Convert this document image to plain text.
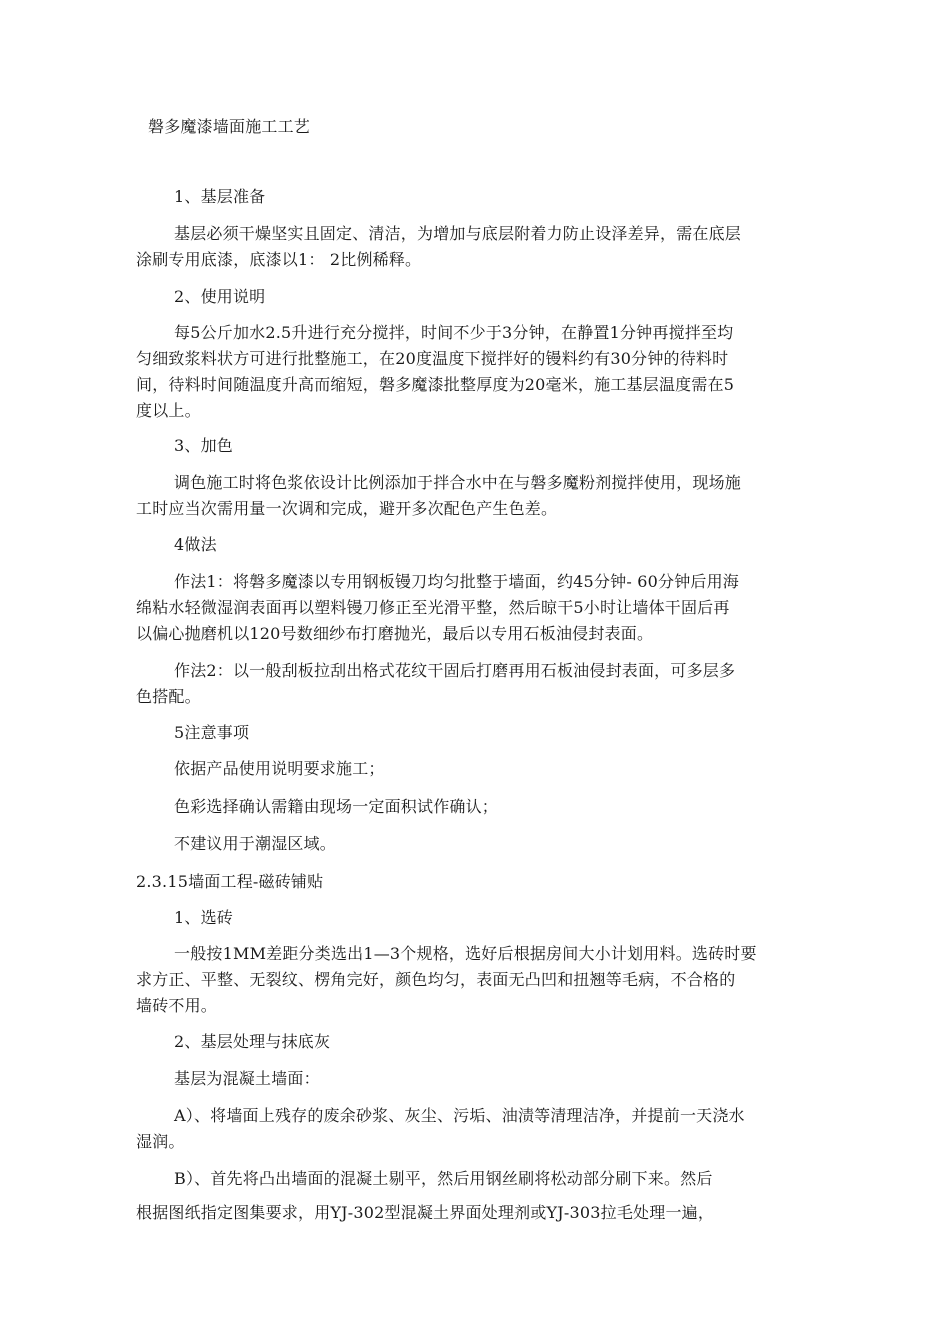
磐多魔漆墙面施工工艺
1、基层准备
基层必须干燥坚实且固定、清洁，为增加与底层附着力防止设泽差异，需在底层
涂刷专用底漆，底漆以1： 2比例稀释。
2、使用说明
每5公斤加水2.5升进行充分搅拌，时间不少于3分钟，在静置1分钟再搅拌至均
匀细致浆料状方可进行批整施工，在20度温度下搅拌好的镘料约有30分钟的待料时
间，待料时间随温度升高而缩短，磐多魔漆批整厚度为20毫米，施工基层温度需在5
度以上。
3、加色
调色施工时将色浆依设计比例添加于拌合水中在与磐多魔粉剂搅拌使用，现场施
工时应当次需用量一次调和完成，避开多次配色产生色差。
4做法
作法1：将磐多魔漆以专用钢板镘刀均匀批整于墙面，约45分钟- 60分钟后用海
绵粘水轻微湿润表面再以塑料镘刀修正至光滑平整，然后晾干5小时让墙体干固后再
以偏心抛磨机以120号数细纱布打磨抛光，最后以专用石板油侵封表面。
作法2：以一般刮板拉刮出格式花纹干固后打磨再用石板油侵封表面，可多层多
色搭配。
5注意事项
依据产品使用说明要求施工；
色彩选择确认需籍由现场一定面积试作确认；
不建议用于潮湿区域。
2.3.15墙面工程-磁砖铺贴
1、选砖
一般按1MM差距分类选出1—3个规格，选好后根据房间大小计划用料。选砖时要
求方正、平整、无裂纹、楞角完好，颜色均匀，表面无凸凹和扭翘等毛病，不合格的
墙砖不用。
2、基层处理与抹底灰
基层为混凝土墙面：
A）、将墙面上残存的废余砂浆、灰尘、污垢、油渍等清理洁净，并提前一天浇水
湿润。
B）、首先将凸出墙面的混凝土剔平，然后用钢丝刷将松动部分刷下来。然后
根据图纸指定图集要求，用YJ-302型混凝土界面处理剂或YJ-303拉毛处理一遍，
